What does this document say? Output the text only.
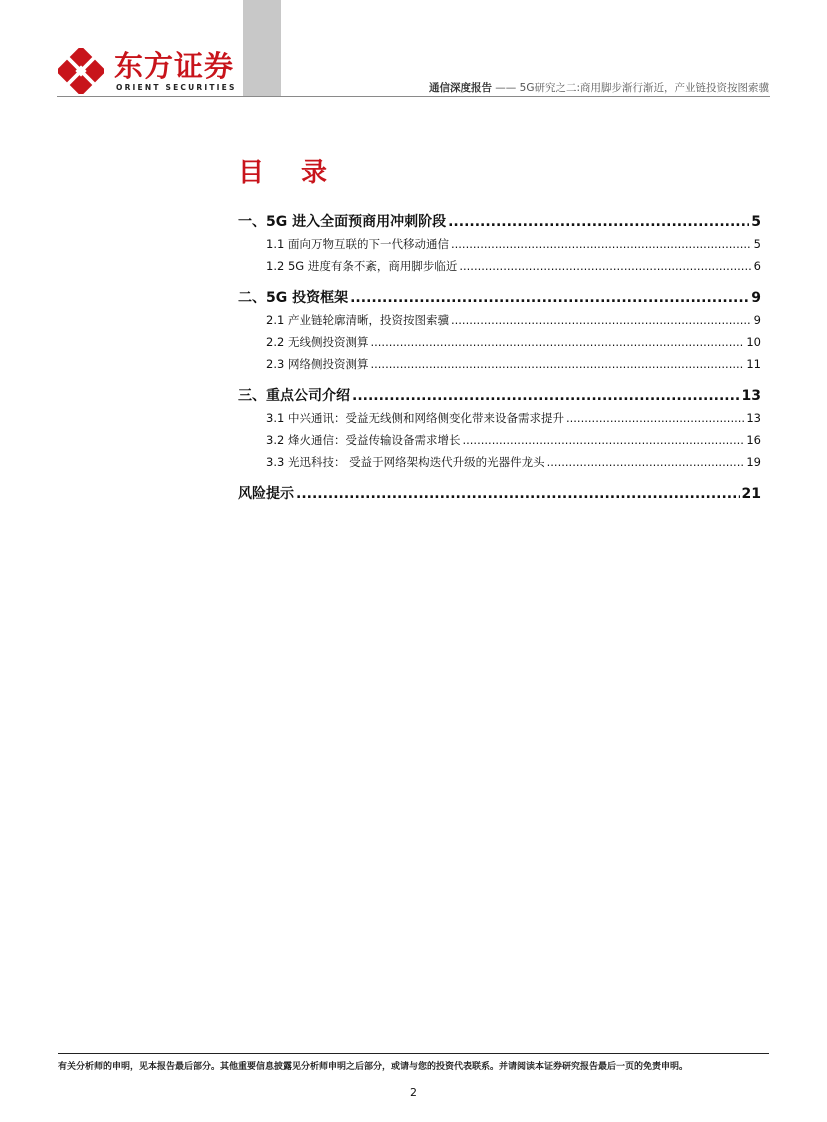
东方证券
ORIENT SECURITIES	通信深度报告 —— 5G研究之二:商用脚步渐行渐近，产业链投资按图索骥
目 录
一、5G 进入全面预商用冲刺阶段 .....	5
1.1 面向万物互联的下一代移动通信 .....	5
1.2 5G 进度有条不紊，商用脚步临近 .....	6
二、5G 投资框架 .....	9
2.1 产业链轮廓清晰，投资按图索骥 .....	9
2.2 无线侧投资测算 .....	10
2.3 网络侧投资测算 .....	11
三、重点公司介绍 .....	13
3.1 中兴通讯：受益无线侧和网络侧变化带来设备需求提升 .....	13
3.2 烽火通信：受益传输设备需求增长 .....	16
3.3 光迅科技： 受益于网络架构迭代升级的光器件龙头 .....	19
风险提示 .....	21
有关分析师的申明，见本报告最后部分。其他重要信息披露见分析师申明之后部分，或请与您的投资代表联系。并请阅读本证券研究报告最后一页的免责申明。
2
